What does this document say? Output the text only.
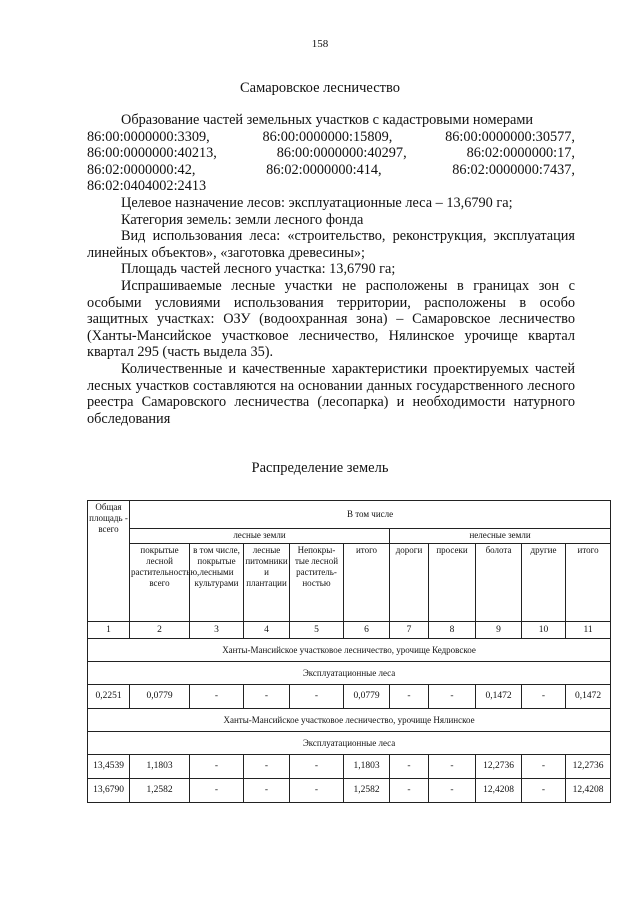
158
Самаровское лесничество

Образование частей земельных участков с кадастровыми номерами

86:00:0000000:3309,	86:00:0000000:15809,	86:00:0000000:30577,
86:00:0000000:40213,	86:00:0000000:40297,	86:02:0000000:17,
86:02:0000000:42,	86:02:0000000:414,	86:02:0000000:7437,
86:02:0404002:2413

Целевое назначение лесов: эксплуатационные леса – 13,6790 га;

Категория земель: земли лесного фонда

Вид использования леса: «строительство, реконструкция, эксплуатация линейных объектов», «заготовка древесины»;

Площадь частей лесного участка: 13,6790 га;

Испрашиваемые лесные участки не расположены в границах зон с особыми условиями использования территории, расположены в особо защитных участках: ОЗУ (водоохранная зона) – Самаровское лесничество (Ханты-Мансийское участковое лесничество, Нялинское урочище квартал квартал 295 (часть выдела 35).

Количественные и качественные характеристики проектируемых частей лесных участков составляются на основании данных государственного лесного реестра Самаровского лесничества (лесопарка) и необходимости натурного обследования

Распределение земель
Общая площадь - всего	В том числе									
	лесные земли					нелесные земли				
	покрытые лесной растительностью, всего	в том числе, покрытые лесными культурами	лесные питомники и плантации	Непокры-тые лесной раститель-ностью	итого	дороги	просеки	болота	другие	итого
1	2	3	4	5	6	7	8	9	10	11
Ханты-Мансийское участковое лесничество, урочище Кедровское										
Эксплуатационные леса										
0,2251	0,0779	-	-	-	0,0779	-	-	0,1472	-	0,1472
Ханты-Мансийское участковое лесничество, урочище Нялинское										
Эксплуатационные леса										
13,4539	1,1803	-	-	-	1,1803	-	-	12,2736	-	12,2736
13,6790	1,2582	-	-	-	1,2582	-	-	12,4208	-	12,4208
